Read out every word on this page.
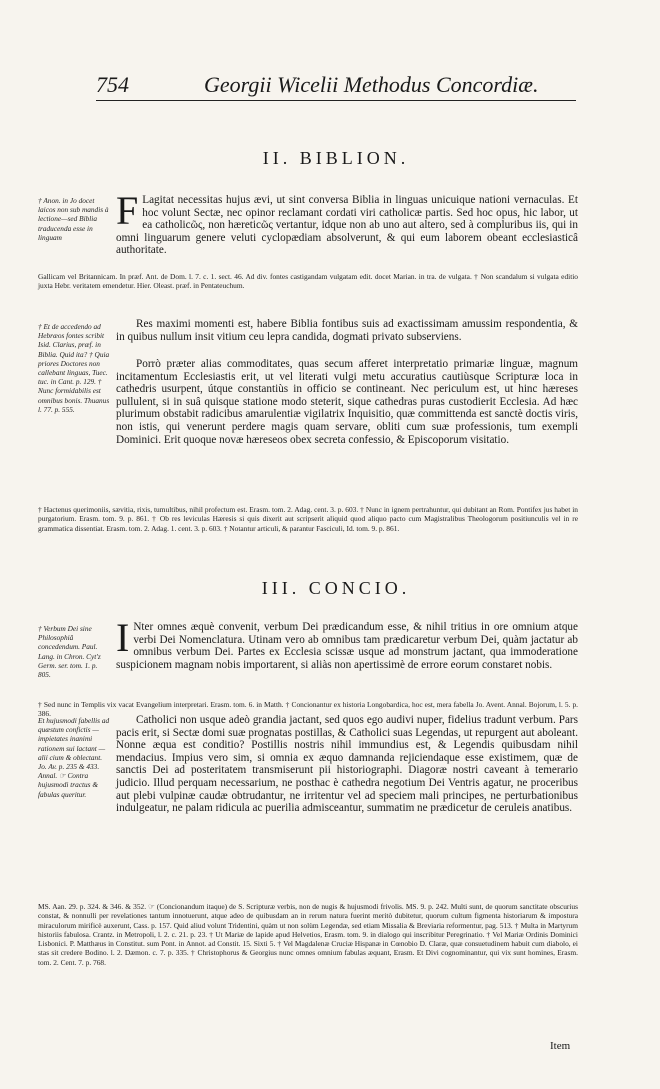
754	Georgii Wicelii Methodus Concordiæ.
II. BIBLION.
† Anon. in Jo docet laicos non sub mandis à lectione—sed Biblia traducenda esse in linguam
F Lagitat necessitas hujus ævi, ut sint conversa Biblia in linguas unicuique nationi vernaculas. Et hoc volunt Sectæ, nec opinor reclamant cordati viri catholicæ partis. Sed hoc opus, hic labor, ut ea catholicῶς, non hæreticῶς vertantur, idque non ab uno aut altero, sed à compluribus iis, qui in omni linguarum genere veluti cyclopædiam absolverunt, & qui eum laborem obeant ecclesiasticâ authoritate.
Gallicam vel Britannicam. In præf. Ant. de Dom. l. 7. c. 1. sect. 46. Ad div. fontes castigandam vulgatam edit. docet Marian. in tra. de vulgata. † Non scandalum si vulgata editio juxta Hebr. veritatem emendetur. Hier. Oleast. præf. in Pentateuchum.
† Et de accedendo ad Hebræos fontes scribit Isid. Clarius, præf. in Biblia. Quid ita? † Quia priores Doctores non callebant linguas, Tuec. tuc. in Cant. p. 129. † Nunc formidabilis est omnibus bonis. Thuanus l. 77. p. 555.
Res maximi momenti est, habere Biblia fontibus suis ad exactissimam amussim respondentia, & in quibus nullum insit vitium ceu lepra candida, dogmati privato subserviens.
Porrò præter alias commoditates, quas secum afferet interpretatio primariæ linguæ, magnum incitamentum Ecclesiastis erit, ut vel literati vulgi metu accuratius cautiùsque Scripturæ loca in cathedris usurpent, útque constantiùs in officio se contineant. Nec periculum est, ut hinc hæreses pullulent, si in suâ quisque statione modo steterit, sique cathedras puras custodierit Ecclesia. Ad hæc plurimum obstabit radicibus amarulentiæ vigilatrix Inquisitio, quæ committenda est sanctè doctis viris, non istis, qui venerunt perdere magis quam servare, obliti cum suæ professionis, tum exempli Dominici. Erit quoque novæ hæreseos obex secreta confessio, & Episcoporum visitatio.
† Hactenus querimoniis, sævitia, rixis, tumultibus, nihil profectum est. Erasm. tom. 2. Adag. cent. 3. p. 603. † Nunc in ignem pertrahuntur, qui dubitant an Rom. Pontifex jus habet in purgatorium. Erasm. tom. 9. p. 861. † Ob res leviculas Hæresis si quis dixerit aut scripserit aliquid quod aliquo pacto cum Magistralibus Theologorum positiunculis vel in re grammatica dissentiat. Erasm. tom. 2. Adag. 1. cent. 3. p. 603. † Notantur articuli, & parantur Fasciculi, Id. tom. 9. p. 861.
III. CONCIO.
† Verbum Dei sine Philosophiâ concedendum. Paul. Lang. in Chron. Cyt'z Germ. ser. tom. 1. p. 805.
I Nter omnes æquè convenit, verbum Dei prædicandum esse, & nihil tritius in ore omnium atque verbi Dei Nomenclatura. Utinam vero ab omnibus tam prædicaretur verbum Dei, quàm jactatur ab omnibus verbum Dei. Partes ex Ecclesia scissæ usque ad monstrum jactant, qua immoderatione suspicionem magnam nobis importarent, si aliàs non apertissimè de errore eorum constaret nobis.
† Sed nunc in Templis vix vacat Evangelium interpretari. Erasm. tom. 6. in Matth. † Concionantur ex historia Longobardica, hoc est, mera fabella Jo. Avent. Annal. Bojorum, l. 5. p. 386.
Et hujusmodi fabellis ad quæstum confictis — impietates inanimi rationem sui lactant — alii cium & oblectant. Jo. Av. p. 235 & 433. Annal. ☞ Contra hujusmodi tractus & fabulas queritur.
Catholici non usque adeò grandia jactant, sed quos ego audivi nuper, fidelius tradunt verbum. Pars pacis erit, si Sectæ domi suæ prognatas postillas, & Catholici suas Legendas, ut repurgent aut aboleant. Nonne æqua est conditio? Postillis nostris nihil immundius est, & Legendis quibusdam nihil mendacius. Impius vero sim, si omnia ex æquo damnanda rejiciendaque esse existimem, quæ de sanctis Dei ad posteritatem transmiserunt pii historiographi. Diagoræ nostri caveant à temerario judicio. Illud perquam necessarium, ne posthac è cathedra negotium Dei Ventris agatur, ne proceribus aut plebi vulpinæ caudæ obtrudantur, ne irritentur vel ad speciem mali principes, ne perturbationibus indulgeatur, ne palam ridicula ac puerilia admisceantur, summatim ne prædicetur de ceruleis anatibus.
MS. Aan. 29. p. 324. & 346. & 352. ☞ (Concionandum itaque) de S. Scripturæ verbis, non de nugis & hujusmodi frivolis. MS. 9. p. 242. Multi sunt, de quorum sanctitate obscurius constat, & nonnulli per revelationes tantum innotuerunt, atque adeo de quibusdam an in rerum natura fuerint meritò dubitetur, quorum cultum figmenta historiarum & impostura miraculorum mirificè auxerunt, Cass. p. 157. Quid aliud volunt Tridentini, quàm ut non solùm Legendæ, sed etiam Missalia & Breviaria reformentur, pag. 513. † Multa in Martyrum historiis fabulosa. Crantz. in Metropoli, l. 2. c. 21. p. 23. † Ut Mariæ de lapide apud Helvetios, Erasm. tom. 9. in dialogo qui inscribitur Peregrinatio. † Vel Mariæ Ordinis Dominici Lisbonici. P. Matthæus in Constitut. sum Pont. in Annot. ad Constit. 15. Sixti 5. † Vel Magdalenæ Cruciæ Hispanæ in Cœnobio D. Claræ, quæ consuetudinem habuit cum diabolo, ei stas sit credere Bodino. l. 2. Dæmon. c. 7. p. 335. † Christophorus & Georgius nunc omnes omnium fabulas æquant, Erasm. Et Divi cognominantur, qui vix sunt homines, Erasm. tom. 2. Cent. 7. p. 768.
Item
